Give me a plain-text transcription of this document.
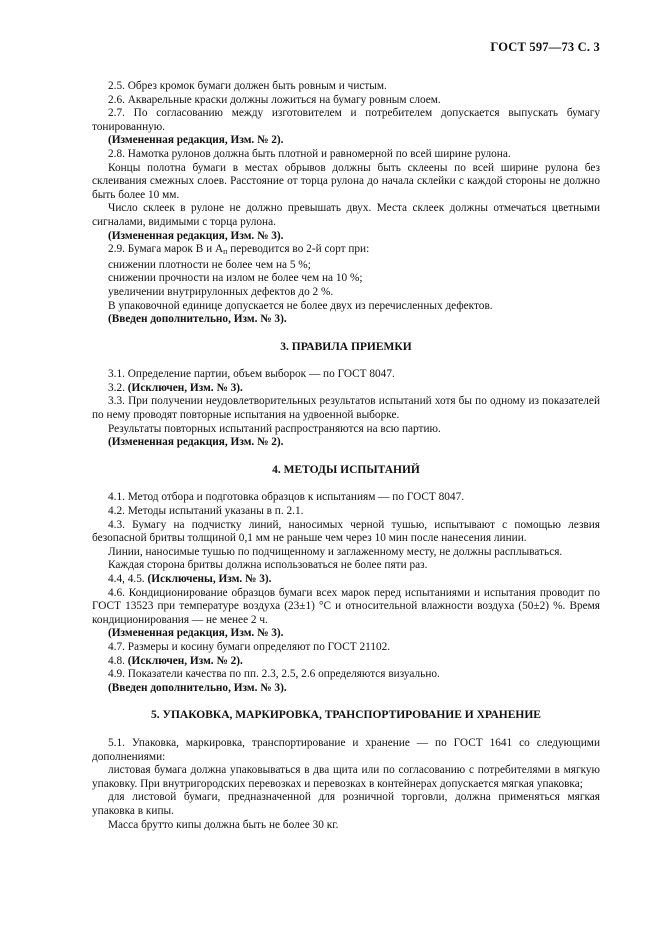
ГОСТ 597—73 С. 3

2.5. Обрез кромок бумаги должен быть ровным и чистым.

2.6. Акварельные краски должны ложиться на бумагу ровным слоем.

2.7. По согласованию между изготовителем и потребителем допускается выпускать бумагу тонированную.

(Измененная редакция, Изм. № 2).

2.8. Намотка рулонов должна быть плотной и равномерной по всей ширине рулона.

Концы полотна бумаги в местах обрывов должны быть склеены по всей ширине рулона без склеивания смежных слоев. Расстояние от торца рулона до начала склейки с каждой стороны не должно быть более 10 мм.

Число склеек в рулоне не должно превышать двух. Места склеек должны отмечаться цветными сигналами, видимыми с торца рулона.

(Измененная редакция, Изм. № 3).

2.9. Бумага марок В и $А_п$ переводится во 2-й сорт при:

снижении плотности не более чем на 5 %;

снижении прочности на излом не более чем на 10 %;

увеличении внутрирулонных дефектов до 2 %.

В упаковочной единице допускается не более двух из перечисленных дефектов.

(Введен дополнительно, Изм. № 3).

3. ПРАВИЛА ПРИЕМКИ

3.1. Определение партии, объем выборок — по ГОСТ 8047.

3.2. (Исключен, Изм. № 3).

3.3. При получении неудовлетворительных результатов испытаний хотя бы по одному из показателей по нему проводят повторные испытания на удвоенной выборке.

Результаты повторных испытаний распространяются на всю партию.

(Измененная редакция, Изм. № 2).

4. МЕТОДЫ ИСПЫТАНИЙ

4.1. Метод отбора и подготовка образцов к испытаниям — по ГОСТ 8047.

4.2. Методы испытаний указаны в п. 2.1.

4.3. Бумагу на подчистку линий, наносимых черной тушью, испытывают с помощью лезвия безопасной бритвы толщиной 0,1 мм не раньше чем через 10 мин после нанесения линии.

Линии, наносимые тушью по подчищенному и заглаженному месту, не должны расплываться.

Каждая сторона бритвы должна использоваться не более пяти раз.

4.4, 4.5. (Исключены, Изм. № 3).

4.6. Кондиционирование образцов бумаги всех марок перед испытаниями и испытания проводит по ГОСТ 13523 при температуре воздуха (23±1) °С и относительной влажности воздуха (50±2) %. Время кондиционирования — не менее 2 ч.

(Измененная редакция, Изм. № 3).

4.7. Размеры и косину бумаги определяют по ГОСТ 21102.

4.8. (Исключен, Изм. № 2).

4.9. Показатели качества по пп. 2.3, 2.5, 2.6 определяются визуально.

(Введен дополнительно, Изм. № 3).

5. УПАКОВКА, МАРКИРОВКА, ТРАНСПОРТИРОВАНИЕ И ХРАНЕНИЕ

5.1. Упаковка, маркировка, транспортирование и хранение — по ГОСТ 1641 со следующими дополнениями:

листовая бумага должна упаковываться в два щита или по согласованию с потребителями в мягкую упаковку. При внутригородских перевозках и перевозках в контейнерах допускается мягкая упаковка;

для листовой бумаги, предназначенной для розничной торговли, должна применяться мягкая упаковка в кипы.

Масса брутто кипы должна быть не более 30 кг.
